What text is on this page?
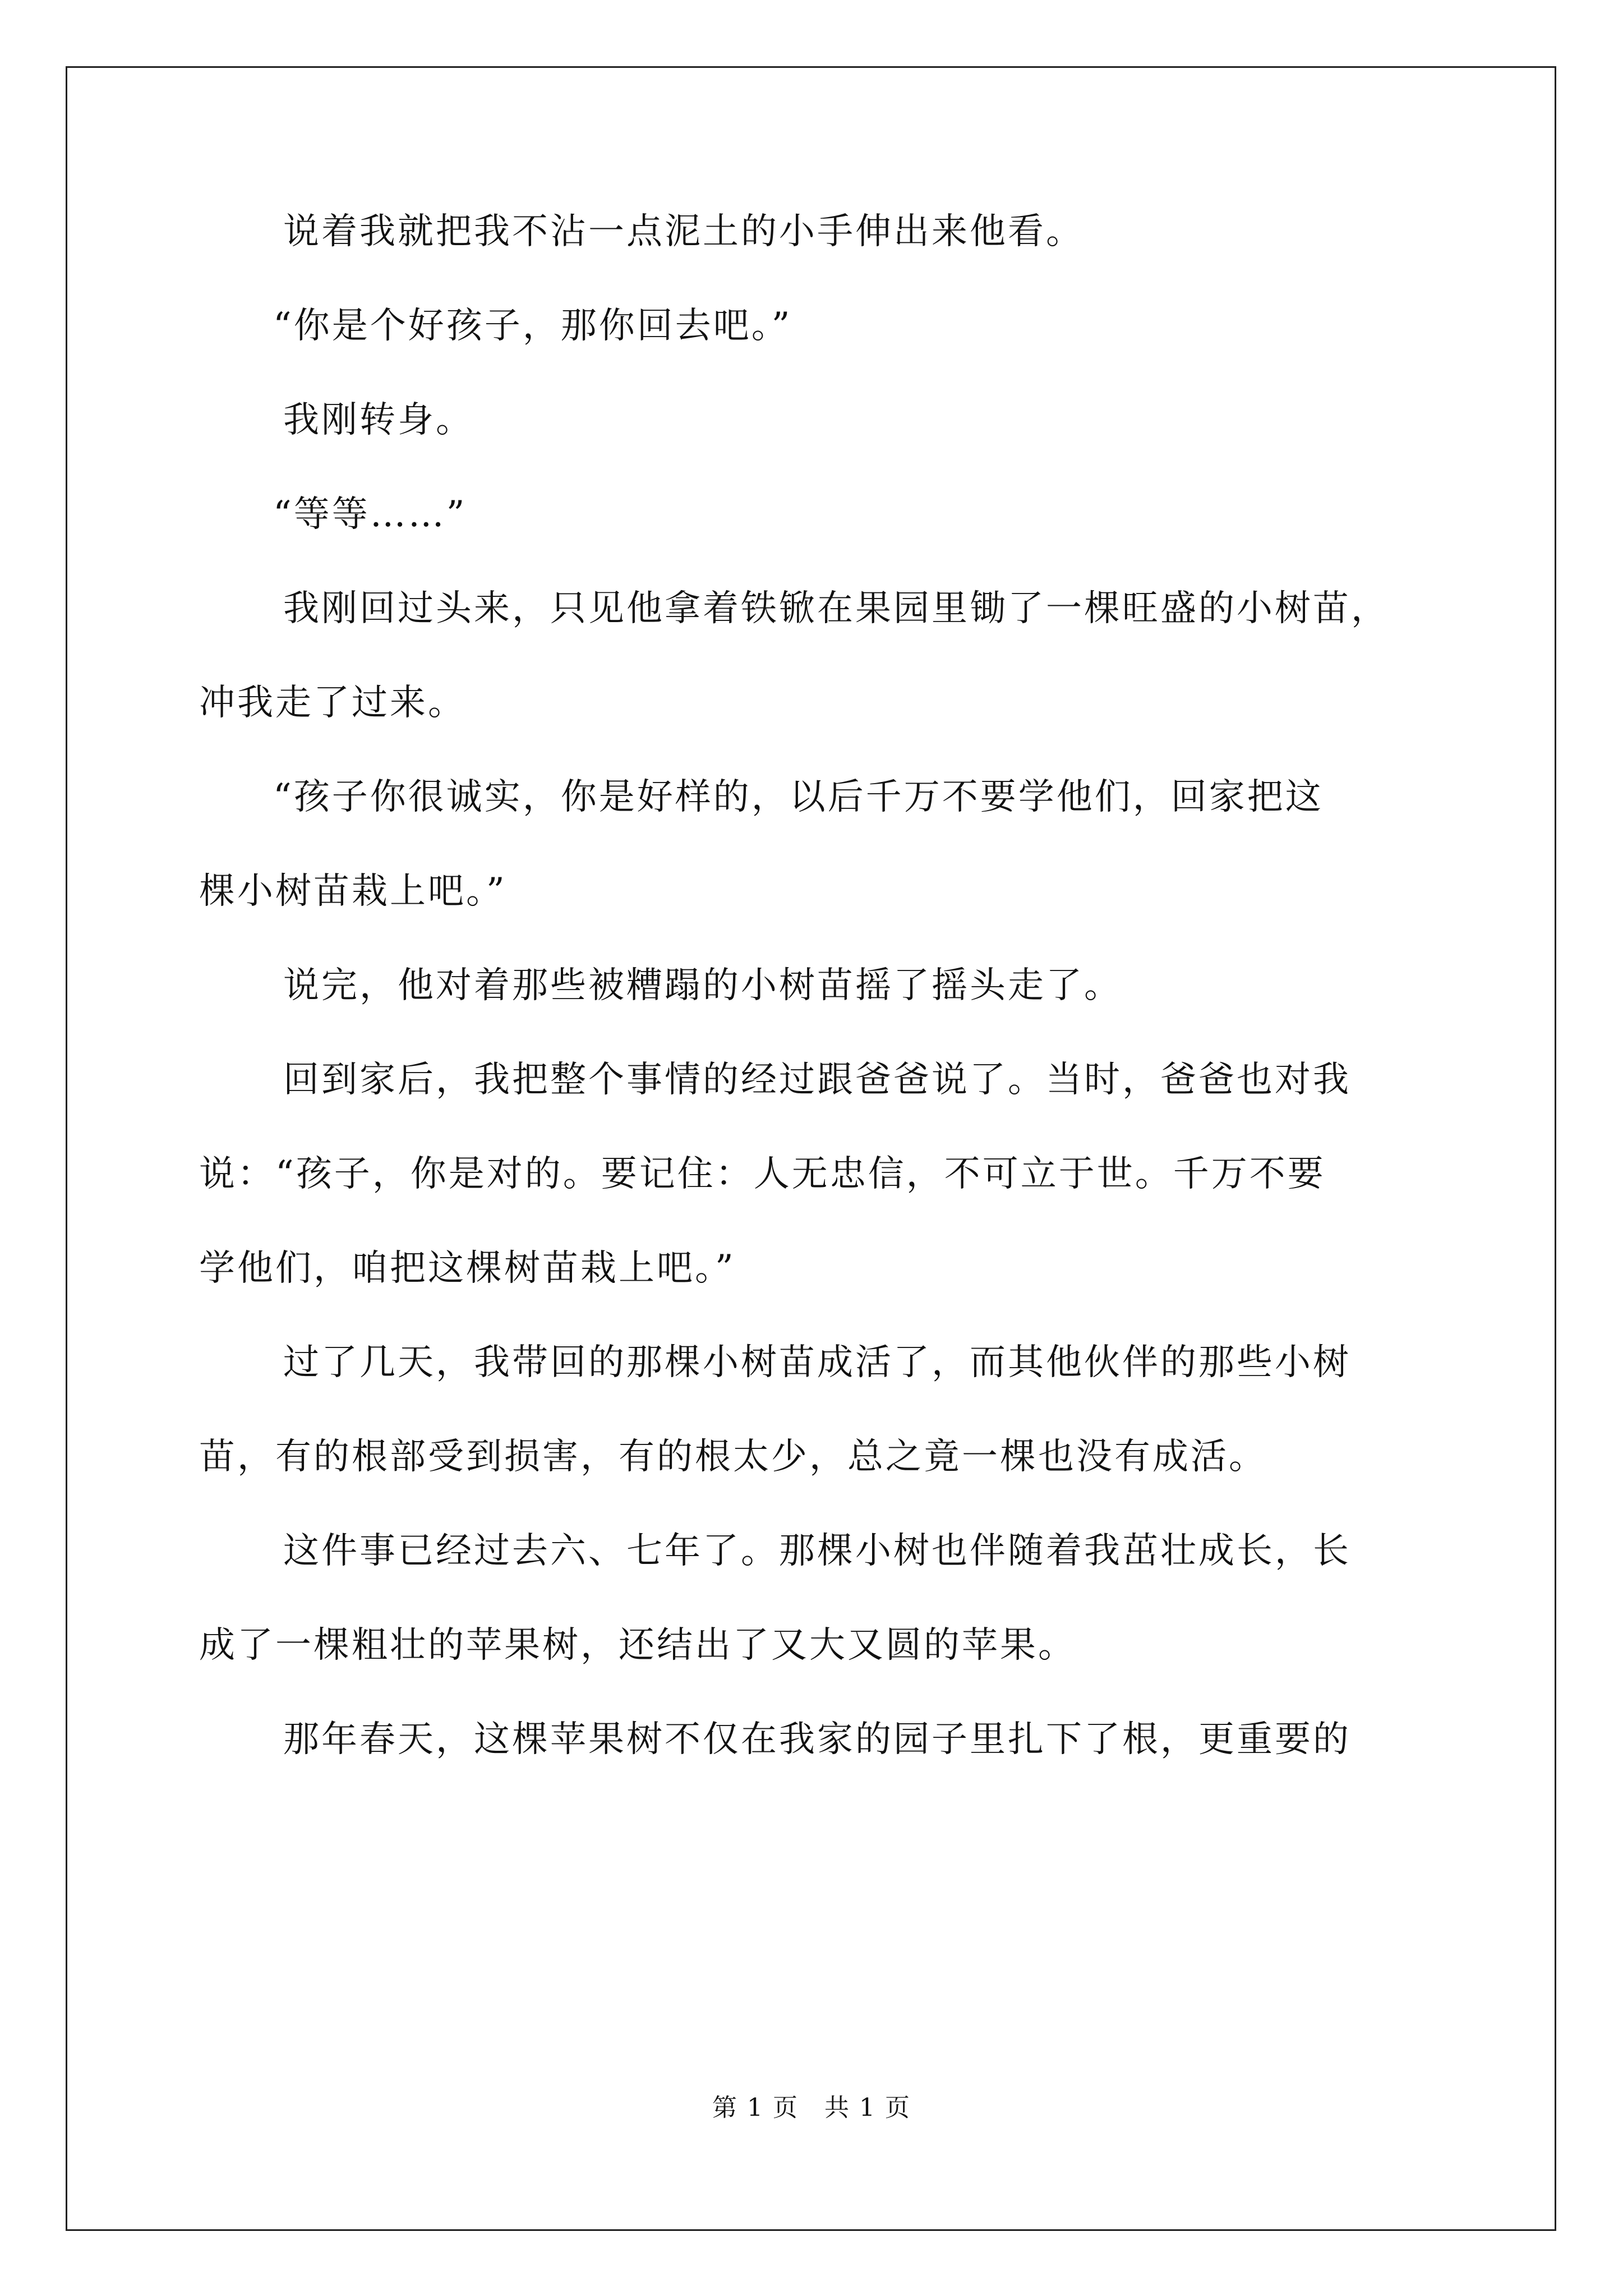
说着我就把我不沾一点泥土的小手伸出来他看。

“你是个好孩子，那你回去吧。”

我刚转身。

“等等……”

我刚回过头来，只见他拿着铁锨在果园里锄了一棵旺盛的小树苗，

冲我走了过来。

“孩子你很诚实，你是好样的，以后千万不要学他们，回家把这

棵小树苗栽上吧。”

说完，他对着那些被糟蹋的小树苗摇了摇头走了。

回到家后，我把整个事情的经过跟爸爸说了。当时，爸爸也对我

说：“孩子，你是对的。要记住：人无忠信，不可立于世。千万不要

学他们，咱把这棵树苗栽上吧。”

过了几天，我带回的那棵小树苗成活了，而其他伙伴的那些小树

苗，有的根部受到损害，有的根太少，总之竟一棵也没有成活。

这件事已经过去六、七年了。那棵小树也伴随着我茁壮成长，长

成了一棵粗壮的苹果树，还结出了又大又圆的苹果。

那年春天，这棵苹果树不仅在我家的园子里扎下了根，更重要的

第 1 页　共 1 页
